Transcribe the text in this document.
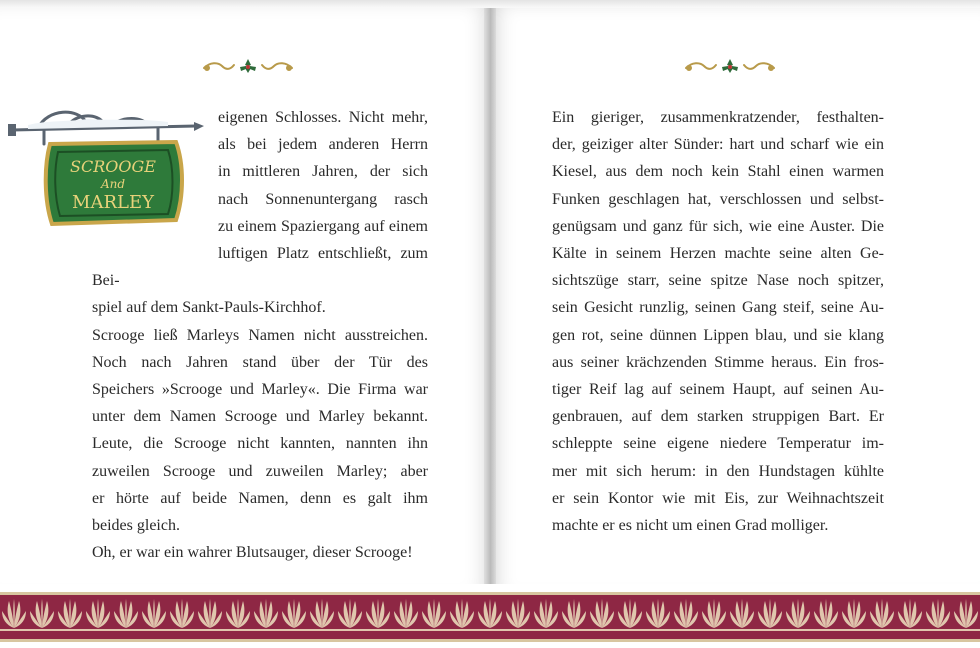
SCROOGE
And
MARLEY

eigenen Schlosses. Nicht mehr,

als bei jedem anderen Herrn

in mittleren Jahren, der sich

nach Sonnenuntergang rasch

zu einem Spaziergang auf einem

luftigen Platz entschließt, zum Bei-

spiel auf dem Sankt-Pauls-Kirchhof.

Scrooge ließ Marleys Namen nicht ausstreichen.

Noch nach Jahren stand über der Tür des

Speichers »Scrooge und Marley«. Die Firma war

unter dem Namen Scrooge und Marley bekannt.

Leute, die Scrooge nicht kannten, nannten ihn

zuweilen Scrooge und zuweilen Marley; aber

er hörte auf beide Namen, denn es galt ihm

beides gleich.

Oh, er war ein wahrer Blutsauger, dieser Scrooge!

Ein gieriger, zusammenkratzender, festhalten-

der, geiziger alter Sünder: hart und scharf wie ein

Kiesel, aus dem noch kein Stahl einen warmen

Funken geschlagen hat, verschlossen und selbst-

genügsam und ganz für sich, wie eine Auster. Die

Kälte in seinem Herzen machte seine alten Ge-

sichtszüge starr, seine spitze Nase noch spitzer,

sein Gesicht runzlig, seinen Gang steif, seine Au-

gen rot, seine dünnen Lippen blau, und sie klang

aus seiner krächzenden Stimme heraus. Ein fros-

tiger Reif lag auf seinem Haupt, auf seinen Au-

genbrauen, auf dem starken struppigen Bart. Er

schleppte seine eigene niedere Temperatur im-

mer mit sich herum: in den Hundstagen kühlte

er sein Kontor wie mit Eis, zur Weihnachtszeit

machte er es nicht um einen Grad molliger.
